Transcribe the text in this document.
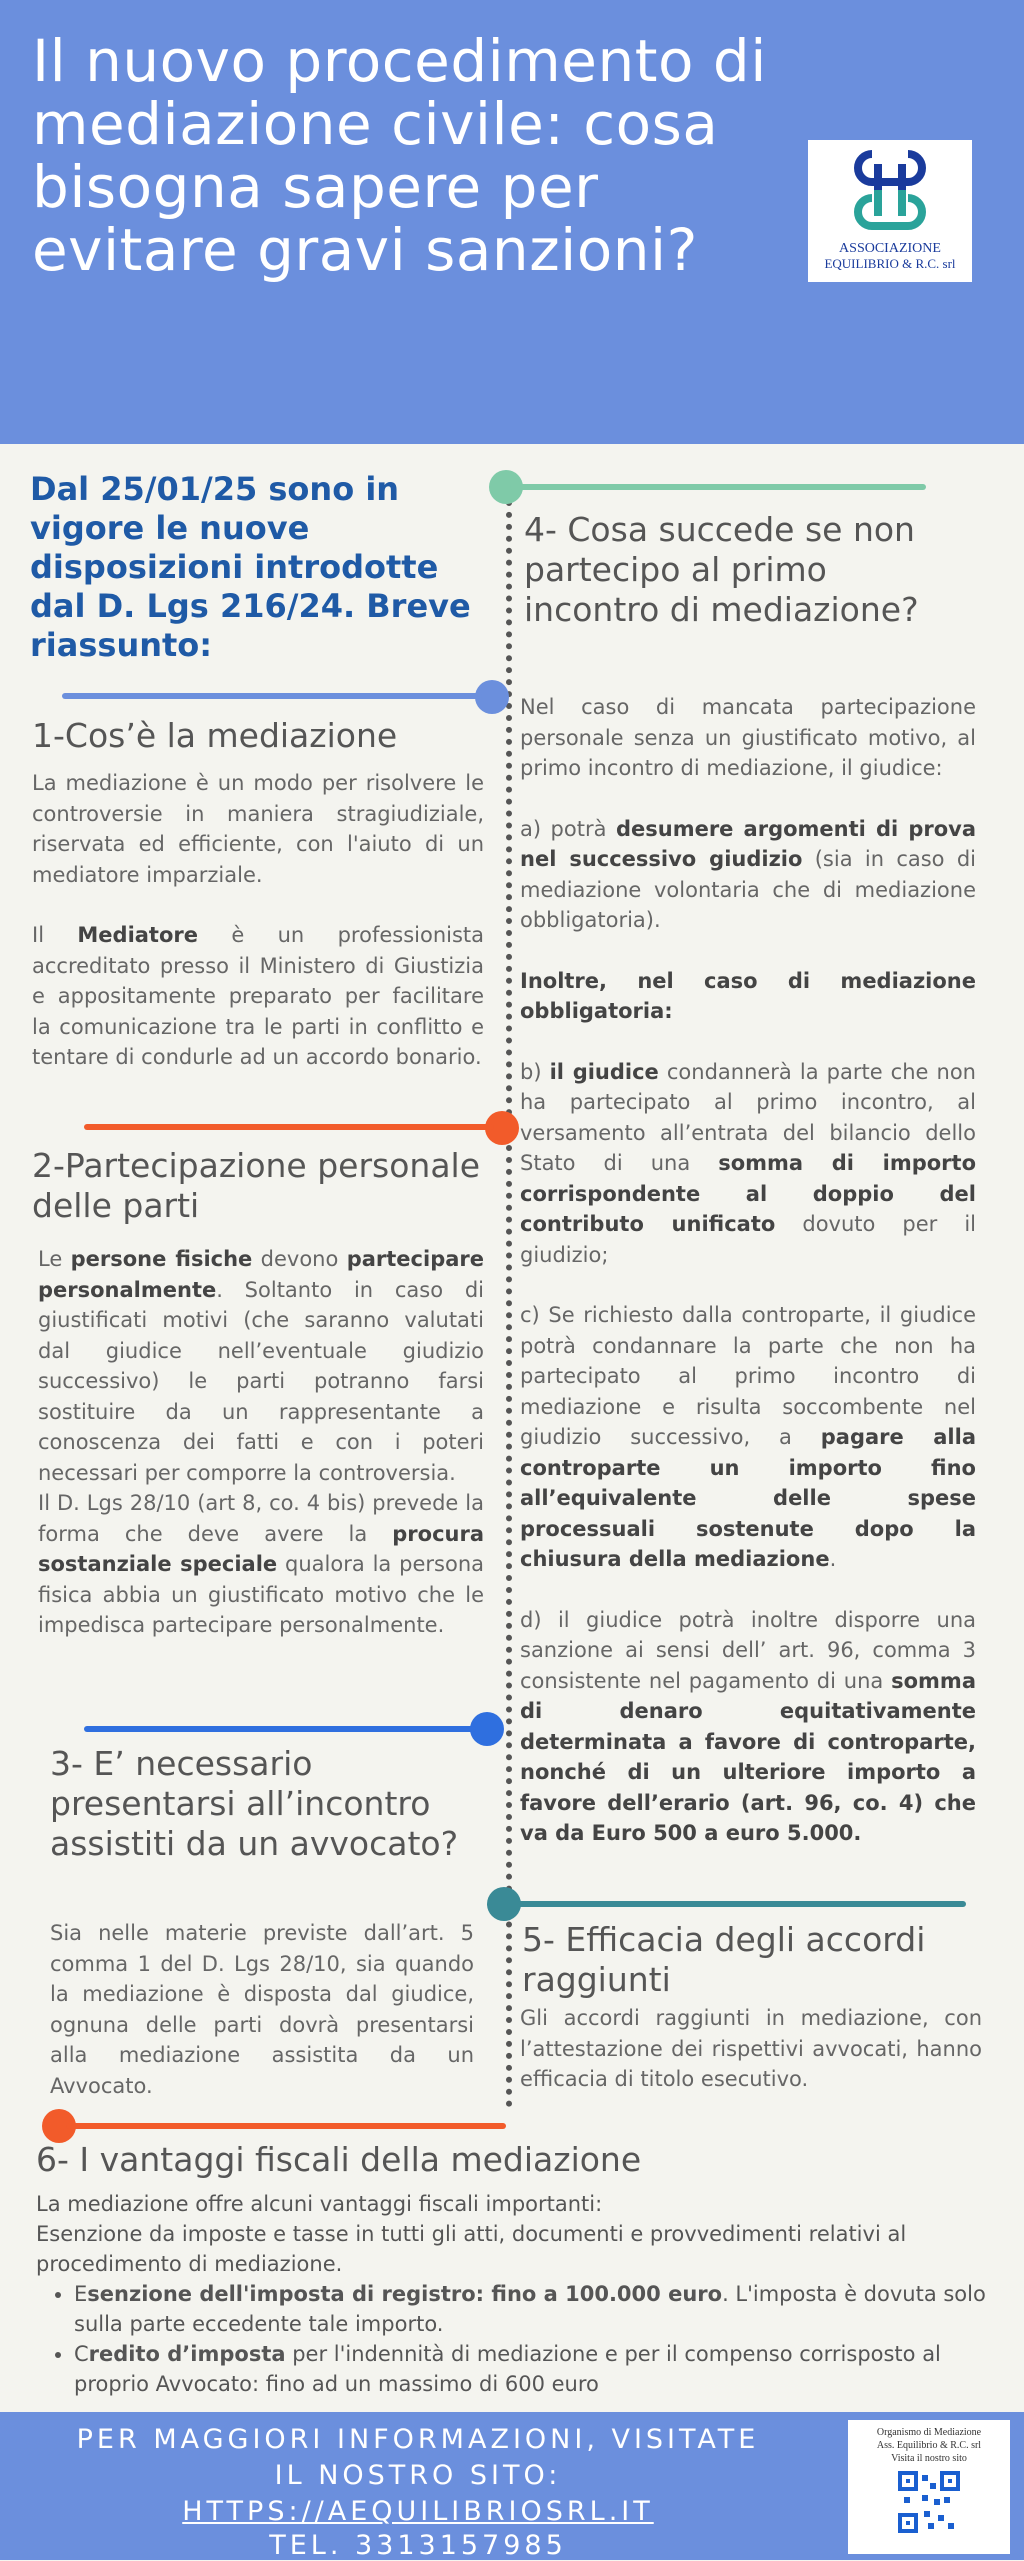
Il nuovo procedimento di mediazione civile: cosa bisogna sapere per evitare gravi sanzioni?	ASSOCIAZIONE
EQUILIBRIO & R.C. srl
Dal 25/01/25 sono in vigore le nuove disposizioni introdotte dal D. Lgs 216/24. Breve riassunto:
1-Cos’è la mediazione

La mediazione è un modo per risolvere le controversie in maniera stragiudiziale, riservata ed efficiente, con l'aiuto di un mediatore imparziale.

Il Mediatore è un professionista accreditato presso il Ministero di Giustizia e appositamente preparato per facilitare la comunicazione tra le parti in conflitto e tentare di condurle ad un accordo bonario.

2-Partecipazione personale delle parti
Le persone fisiche devono partecipare personalmente. Soltanto in caso di giustificati motivi (che saranno valutati dal giudice nell’eventuale giudizio successivo) le parti potranno farsi sostituire da un rappresentante a conoscenza dei fatti e con i poteri necessari per comporre la controversia.
Il D. Lgs 28/10 (art 8, co. 4 bis) prevede la forma che deve avere la procura sostanziale speciale qualora la persona fisica abbia un giustificato motivo che le impedisca partecipare personalmente.
3- E’ necessario presentarsi all’incontro assistiti da un avvocato?
Sia nelle materie previste dall’art. 5 comma 1 del D. Lgs 28/10, sia quando la mediazione è disposta dal giudice, ognuna delle parti dovrà presentarsi alla mediazione assistita da un Avvocato.
4- Cosa succede se non partecipo al primo incontro di mediazione?

Nel caso di mancata partecipazione personale senza un giustificato motivo, al primo incontro di mediazione, il giudice:

a) potrà desumere argomenti di prova nel successivo giudizio (sia in caso di mediazione volontaria che di mediazione obbligatoria).

Inoltre, nel caso di mediazione obbligatoria:

b) il giudice condannerà la parte che non ha partecipato al primo incontro, al versamento all’entrata del bilancio dello Stato di una somma di importo corrispondente al doppio del contributo unificato dovuto per il giudizio;

c) Se richiesto dalla controparte, il giudice potrà condannare la parte che non ha partecipato al primo incontro di mediazione e risulta soccombente nel giudizio successivo, a pagare alla controparte un importo fino all’equivalente delle spese processuali sostenute dopo la chiusura della mediazione.

d) il giudice potrà inoltre disporre una sanzione ai sensi dell’ art. 96, comma 3 consistente nel pagamento di una somma di denaro equitativamente determinata a favore di controparte, nonché di un ulteriore importo a favore dell’erario (art. 96, co. 4) che va da Euro 500 a euro 5.000.

5- Efficacia degli accordi raggiunti
Gli accordi raggiunti in mediazione, con l’attestazione dei rispettivi avvocati, hanno efficacia di titolo esecutivo.
6- I vantaggi fiscali della mediazione
La mediazione offre alcuni vantaggi fiscali importanti:
Esenzione da imposte e tasse in tutti gli atti, documenti e provvedimenti relativi al procedimento di mediazione.
• Esenzione dell'imposta di registro: fino a 100.000 euro. L'imposta è dovuta solo sulla parte eccedente tale importo.
• Credito d’imposta per l'indennità di mediazione e per il compenso corrisposto al proprio Avvocato: fino ad un massimo di 600 euro
PER MAGGIORI INFORMAZIONI, VISITATE
IL NOSTRO SITO:
HTTPS://AEQUILIBRIOSRL.IT
TEL. 3313157985
Organismo di Mediazione
Ass. Equilibrio & R.C. srl
Visita il nostro sito
